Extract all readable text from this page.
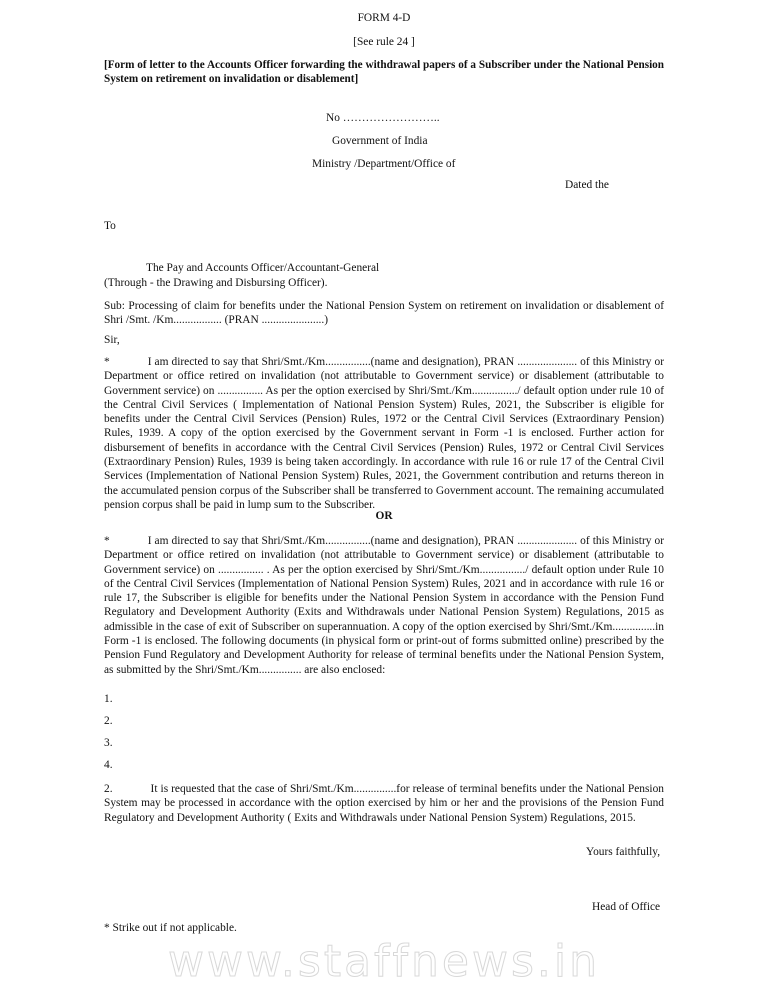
FORM 4-D
[See rule 24 ]
[Form of letter to the Accounts Officer forwarding the withdrawal papers of a Subscriber under the National Pension System on retirement on invalidation or disablement]
No ……………………..
Government of India
Ministry /Department/Office of
Dated the
To
The Pay and Accounts Officer/Accountant-General
(Through - the Drawing and Disbursing Officer).
Sub: Processing of claim for benefits under the National Pension System on retirement on invalidation or disablement of Shri /Smt. /Km................. (PRAN ......................)
Sir,
*	I am directed to say that Shri/Smt./Km................(name and designation), PRAN ..................... of this Ministry or Department or office retired on invalidation (not attributable to Government service) or disablement (attributable to Government service) on ................ As per the option exercised by Shri/Smt./Km................/ default option under rule 10 of the Central Civil Services ( Implementation of National Pension System) Rules, 2021, the Subscriber is eligible for benefits under the Central Civil Services (Pension) Rules, 1972 or the Central Civil Services (Extraordinary Pension) Rules, 1939. A copy of the option exercised by the Government servant in Form -1 is enclosed. Further action for disbursement of benefits in accordance with the Central Civil Services (Pension) Rules, 1972 or Central Civil Services (Extraordinary Pension) Rules, 1939 is being taken accordingly. In accordance with rule 16 or rule 17 of the Central Civil Services (Implementation of National Pension System) Rules, 2021, the Government contribution and returns thereon in the accumulated pension corpus of the Subscriber shall be transferred to Government account. The remaining accumulated pension corpus shall be paid in lump sum to the Subscriber.
OR
*	I am directed to say that Shri/Smt./Km................(name and designation), PRAN ..................... of this Ministry or Department or office retired on invalidation (not attributable to Government service) or disablement (attributable to Government service) on ................ . As per the option exercised by Shri/Smt./Km................/ default option under Rule 10 of the Central Civil Services (Implementation of National Pension System) Rules, 2021 and in accordance with rule 16 or rule 17, the Subscriber is eligible for benefits under the National Pension System in accordance with the Pension Fund Regulatory and Development Authority (Exits and Withdrawals under National Pension System) Regulations, 2015 as admissible in the case of exit of Subscriber on superannuation. A copy of the option exercised by Shri/Smt./Km...............in Form -1 is enclosed. The following documents (in physical form or print-out of forms submitted online) prescribed by the Pension Fund Regulatory and Development Authority for release of terminal benefits under the National Pension System, as submitted by the Shri/Smt./Km............... are also enclosed:
1.
2.
3.
4.
2.	It is requested that the case of Shri/Smt./Km...............for release of terminal benefits under the National Pension System may be processed in accordance with the option exercised by him or her and the provisions of the Pension Fund Regulatory and Development Authority ( Exits and Withdrawals under National Pension System) Regulations, 2015.
Yours faithfully,
Head of Office
* Strike out if not applicable.
www.staffnews.in
